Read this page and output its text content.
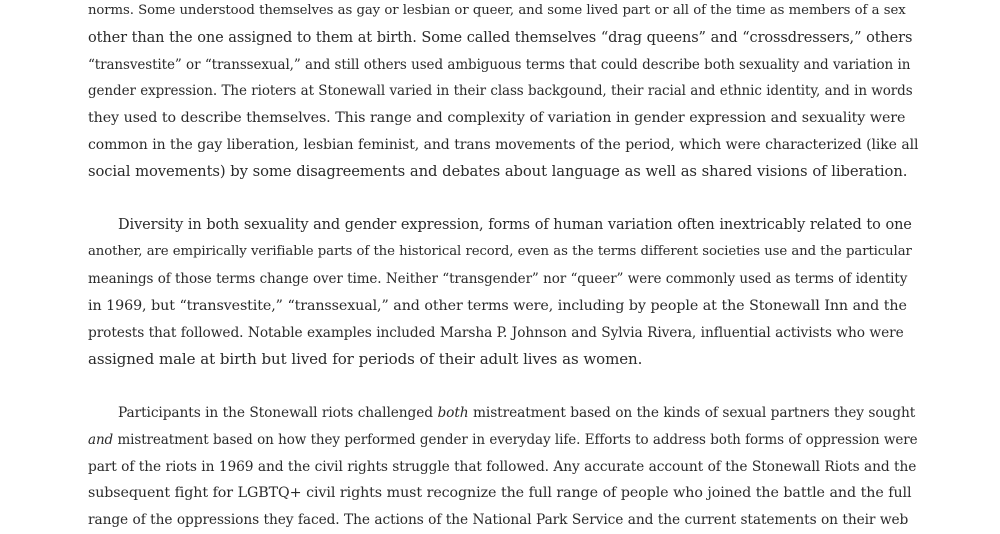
norms. Some understood themselves as gay or lesbian or queer, and some lived part or all of the time as members of a sex
other than the one assigned to them at birth. Some called themselves “drag queens” and “crossdressers,” others
“transvestite” or “transsexual,” and still others used ambiguous terms that could describe both sexuality and variation in
gender expression. The rioters at Stonewall varied in their class backgound, their racial and ethnic identity, and in words
they used to describe themselves. This range and complexity of variation in gender expression and sexuality were
common in the gay liberation, lesbian feminist, and trans movements of the period, which were characterized (like all
social movements) by some disagreements and debates about language as well as shared visions of liberation.
Diversity in both sexuality and gender expression, forms of human variation often inextricably related to one
another, are empirically verifiable parts of the historical record, even as the terms different societies use and the particular
meanings of those terms change over time. Neither “transgender” nor “queer” were commonly used as terms of identity
in 1969, but “transvestite,” “transsexual,” and other terms were, including by people at the Stonewall Inn and the
protests that followed. Notable examples included Marsha P. Johnson and Sylvia Rivera, influential activists who were
assigned male at birth but lived for periods of their adult lives as women.
Participants in the Stonewall riots challenged both mistreatment based on the kinds of sexual partners they sought
and mistreatment based on how they performed gender in everyday life. Efforts to address both forms of oppression were
part of the riots in 1969 and the civil rights struggle that followed. Any accurate account of the Stonewall Riots and the
subsequent fight for LGBTQ+ civil rights must recognize the full range of people who joined the battle and the full
range of the oppressions they faced. The actions of the National Park Service and the current statements on their web
